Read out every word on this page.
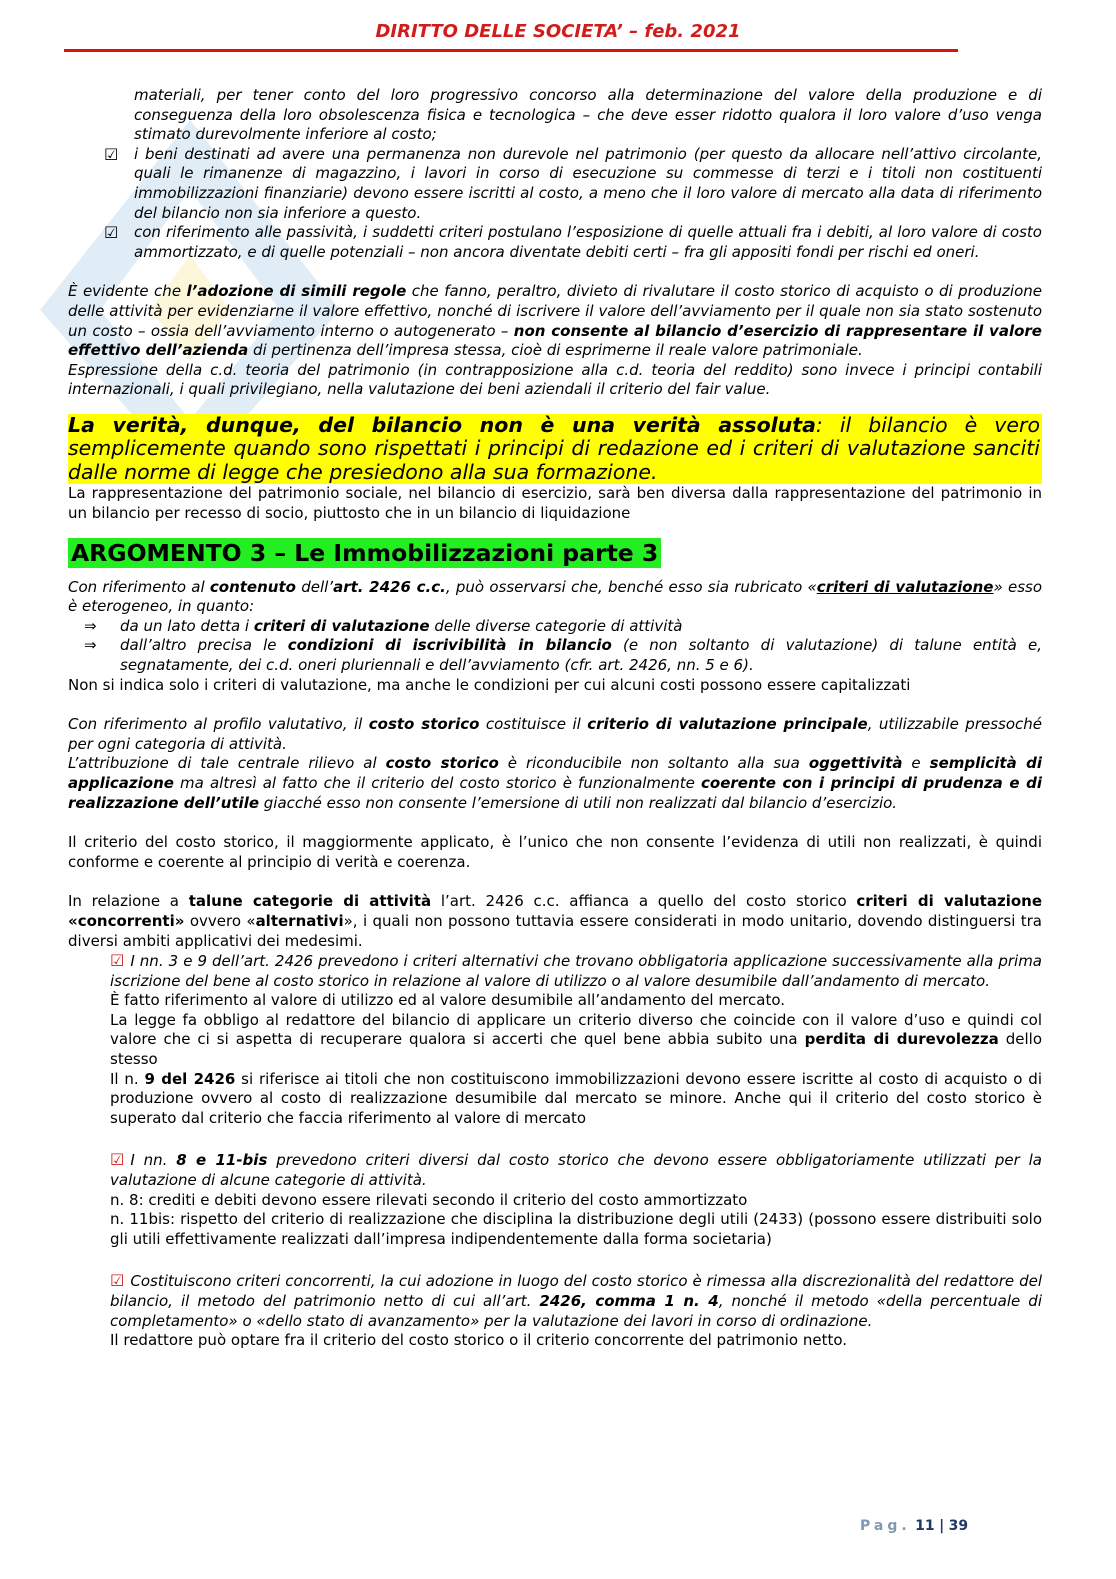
DIRITTO DELLE SOCIETA’ – feb. 2021

materiali, per tener conto del loro progressivo concorso alla determinazione del valore della produzione e di conseguenza della loro obsolescenza fisica e tecnologica – che deve esser ridotto qualora il loro valore d’uso venga stimato durevolmente inferiore al costo;

☑ i beni destinati ad avere una permanenza non durevole nel patrimonio (per questo da allocare nell’attivo circolante, quali le rimanenze di magazzino, i lavori in corso di esecuzione su commesse di terzi e i titoli non costituenti immobilizzazioni finanziarie) devono essere iscritti al costo, a meno che il loro valore di mercato alla data di riferimento del bilancio non sia inferiore a questo.

☑ con riferimento alle passività, i suddetti criteri postulano l’esposizione di quelle attuali fra i debiti, al loro valore di costo ammortizzato, e di quelle potenziali – non ancora diventate debiti certi – fra gli appositi fondi per rischi ed oneri.

È evidente che l’adozione di simili regole che fanno, peraltro, divieto di rivalutare il costo storico di acquisto o di produzione delle attività per evidenziarne il valore effettivo, nonché di iscrivere il valore dell’avviamento per il quale non sia stato sostenuto un costo – ossia dell’avviamento interno o autogenerato – non consente al bilancio d’esercizio di rappresentare il valore effettivo dell’azienda di pertinenza dell’impresa stessa, cioè di esprimerne il reale valore patrimoniale.

Espressione della c.d. teoria del patrimonio (in contrapposizione alla c.d. teoria del reddito) sono invece i principi contabili internazionali, i quali privilegiano, nella valutazione dei beni aziendali il criterio del fair value.

La verità, dunque, del bilancio non è una verità assoluta: il bilancio è vero semplicemente quando sono rispettati i principi di redazione ed i criteri di valutazione sanciti dalle norme di legge che presiedono alla sua formazione.

La rappresentazione del patrimonio sociale, nel bilancio di esercizio, sarà ben diversa dalla rappresentazione del patrimonio in un bilancio per recesso di socio, piuttosto che in un bilancio di liquidazione

ARGOMENTO 3 – Le Immobilizzazioni parte 3

Con riferimento al contenuto dell’art. 2426 c.c., può osservarsi che, benché esso sia rubricato «criteri di valutazione» esso è eterogeneo, in quanto:

⇒ da un lato detta i criteri di valutazione delle diverse categorie di attività

⇒ dall’altro precisa le condizioni di iscrivibilità in bilancio (e non soltanto di valutazione) di talune entità e, segnatamente, dei c.d. oneri pluriennali e dell’avviamento (cfr. art. 2426, nn. 5 e 6).

Non si indica solo i criteri di valutazione, ma anche le condizioni per cui alcuni costi possono essere capitalizzati

Con riferimento al profilo valutativo, il costo storico costituisce il criterio di valutazione principale, utilizzabile pressoché per ogni categoria di attività.

L’attribuzione di tale centrale rilievo al costo storico è riconducibile non soltanto alla sua oggettività e semplicità di applicazione ma altresì al fatto che il criterio del costo storico è funzionalmente coerente con i principi di prudenza e di realizzazione dell’utile giacché esso non consente l’emersione di utili non realizzati dal bilancio d’esercizio.

Il criterio del costo storico, il maggiormente applicato, è l’unico che non consente l’evidenza di utili non realizzati, è quindi conforme e coerente al principio di verità e coerenza.

In relazione a talune categorie di attività l’art. 2426 c.c. affianca a quello del costo storico criteri di valutazione «concorrenti» ovvero «alternativi», i quali non possono tuttavia essere considerati in modo unitario, dovendo distinguersi tra diversi ambiti applicativi dei medesimi.

☑ I nn. 3 e 9 dell’art. 2426 prevedono i criteri alternativi che trovano obbligatoria applicazione successivamente alla prima iscrizione del bene al costo storico in relazione al valore di utilizzo o al valore desumibile dall’andamento di mercato.

È fatto riferimento al valore di utilizzo ed al valore desumibile all’andamento del mercato.

La legge fa obbligo al redattore del bilancio di applicare un criterio diverso che coincide con il valore d’uso e quindi col valore che ci si aspetta di recuperare qualora si accerti che quel bene abbia subito una perdita di durevolezza dello stesso

Il n. 9 del 2426 si riferisce ai titoli che non costituiscono immobilizzazioni devono essere iscritte al costo di acquisto o di produzione ovvero al costo di realizzazione desumibile dal mercato se minore. Anche qui il criterio del costo storico è superato dal criterio che faccia riferimento al valore di mercato

☑ I nn. 8 e 11-bis prevedono criteri diversi dal costo storico che devono essere obbligatoriamente utilizzati per la valutazione di alcune categorie di attività.

n. 8: crediti e debiti devono essere rilevati secondo il criterio del costo ammortizzato

n. 11bis: rispetto del criterio di realizzazione che disciplina la distribuzione degli utili (2433) (possono essere distribuiti solo gli utili effettivamente realizzati dall’impresa indipendentemente dalla forma societaria)

☑ Costituiscono criteri concorrenti, la cui adozione in luogo del costo storico è rimessa alla discrezionalità del redattore del bilancio, il metodo del patrimonio netto di cui all’art. 2426, comma 1 n. 4, nonché il metodo «della percentuale di completamento» o «dello stato di avanzamento» per la valutazione dei lavori in corso di ordinazione.

Il redattore può optare fra il criterio del costo storico o il criterio concorrente del patrimonio netto.

Pag. 11 | 39
